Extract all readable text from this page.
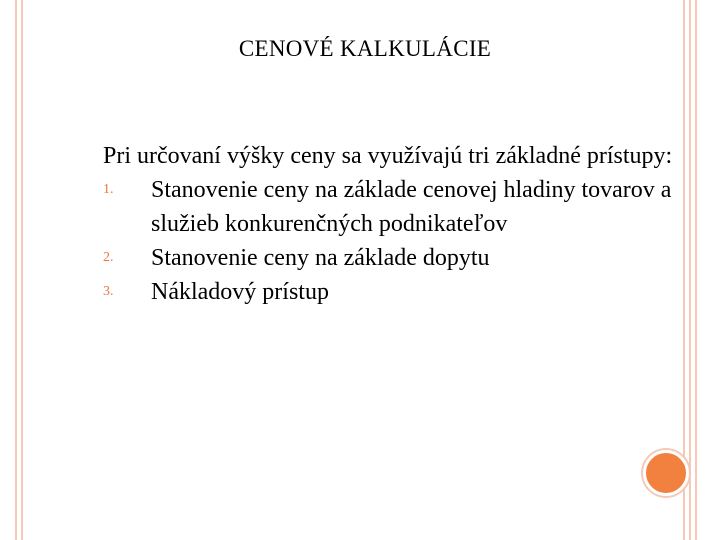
CENOVÉ KALKULÁCIE

Pri určovaní výšky ceny sa využívajú tri základné prístupy:

1. Stanovenie ceny na základe cenovej hladiny tovarov a služieb konkurenčných podnikateľov
2. Stanovenie ceny na základe dopytu
3. Nákladový prístup
